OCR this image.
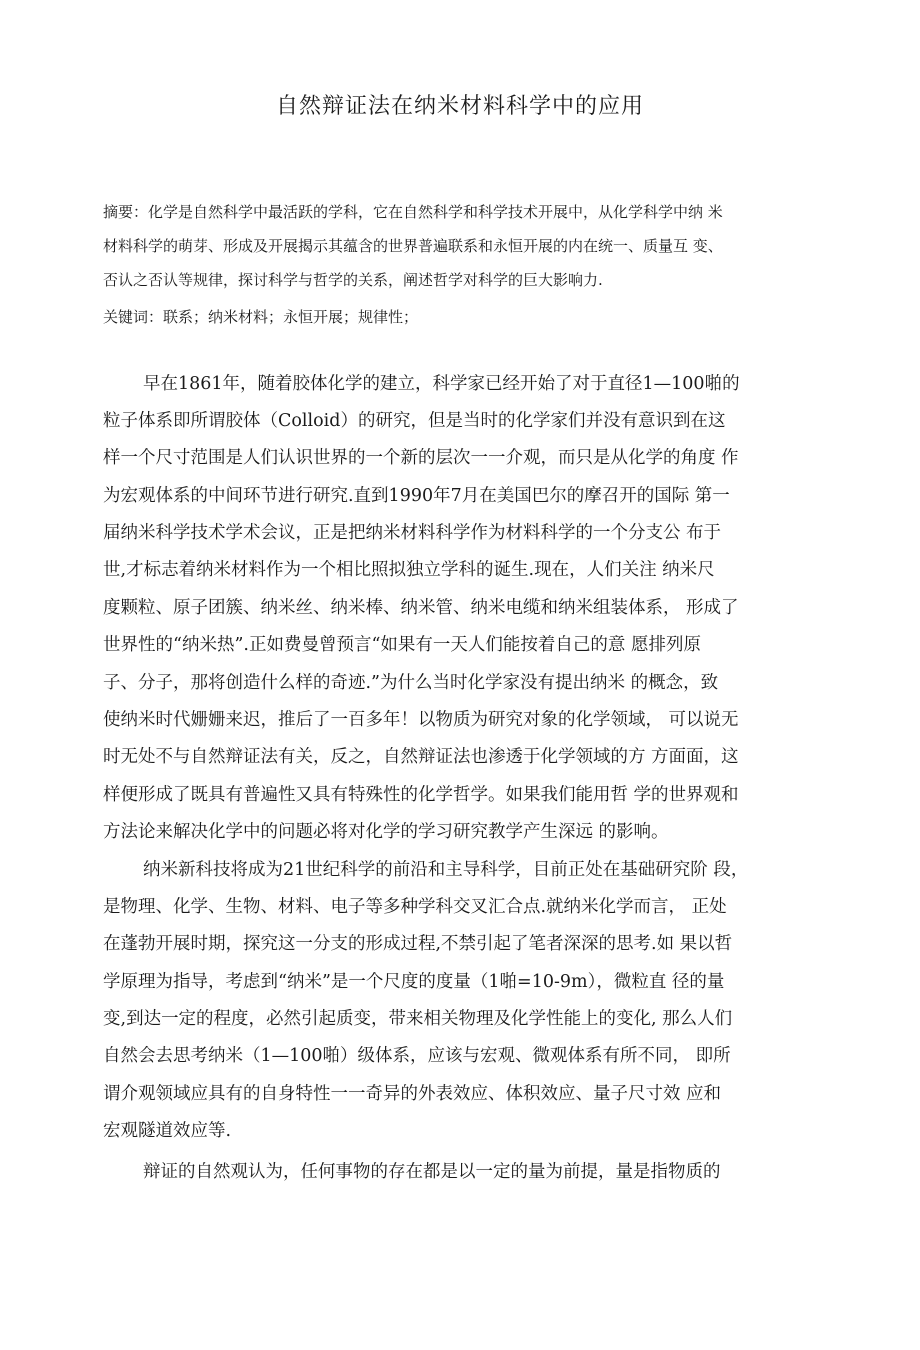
自然辩证法在纳米材料科学中的应用
摘要：化学是自然科学中最活跃的学科，它在自然科学和科学技术开展中，从化学科学中纳 米
材料科学的萌芽、形成及开展揭示其蕴含的世界普遍联系和永恒开展的内在统一、质量互 变、
否认之否认等规律，探讨科学与哲学的关系，阐述哲学对科学的巨大影响力.
关键词：联系；纳米材料；永恒开展；规律性；
早在1861年，随着胶体化学的建立，科学家已经开始了对于直径1—100啪的
粒子体系即所谓胶体（Colloid）的研究，但是当时的化学家们并没有意识到在这
样一个尺寸范围是人们认识世界的一个新的层次一一介观，而只是从化学的角度 作
为宏观体系的中间环节进行研究.直到1990年7月在美国巴尔的摩召开的国际 第一
届纳米科学技术学术会议，正是把纳米材料科学作为材料科学的一个分支公 布于
世,才标志着纳米材料作为一个相比照拟独立学科的诞生.现在，人们关注 纳米尺
度颗粒、原子团簇、纳米丝、纳米棒、纳米管、纳米电缆和纳米组装体系， 形成了
世界性的“纳米热”.正如费曼曾预言“如果有一天人们能按着自己的意 愿排列原
子、分子，那将创造什么样的奇迹.”为什么当时化学家没有提出纳米 的概念，致
使纳米时代姗姗来迟，推后了一百多年！以物质为研究对象的化学领域， 可以说无
时无处不与自然辩证法有关，反之，自然辩证法也渗透于化学领域的方 方面面，这
样便形成了既具有普遍性又具有特殊性的化学哲学。如果我们能用哲 学的世界观和
方法论来解决化学中的问题必将对化学的学习研究教学产生深远 的影响。
纳米新科技将成为21世纪科学的前沿和主导科学，目前正处在基础研究阶 段，
是物理、化学、生物、材料、电子等多种学科交叉汇合点.就纳米化学而言， 正处
在蓬勃开展时期，探究这一分支的形成过程,不禁引起了笔者深深的思考.如 果以哲
学原理为指导，考虑到“纳米”是一个尺度的度量（1啪=10-9m），微粒直 径的量
变,到达一定的程度，必然引起质变，带来相关物理及化学性能上的变化, 那么人们
自然会去思考纳米（1—100啪）级体系，应该与宏观、微观体系有所不同， 即所
谓介观领域应具有的自身特性一一奇异的外表效应、体积效应、量子尺寸效 应和
宏观隧道效应等.
辩证的自然观认为，任何事物的存在都是以一定的量为前提，量是指物质的
